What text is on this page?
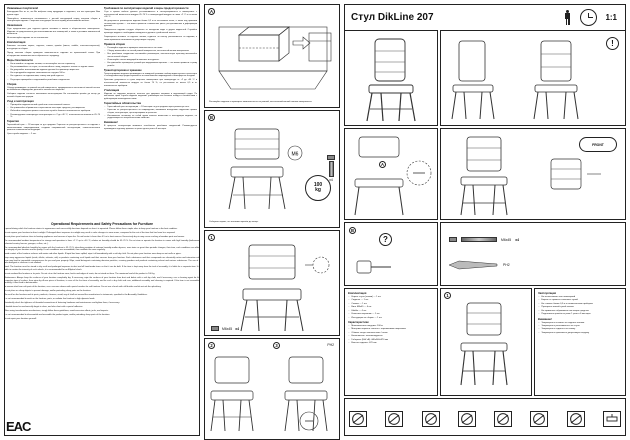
Уважаемые покупатели!

Благодарим Вас за то, что Вы выбрали нашу продукцию и надеемся, что она прослужит Вам долгие годы.

Пожалуйста, внимательно ознакомьтесь с данной инструкцией перед началом сборки и эксплуатации изделия. Сохраните инструкцию на весь период использования мебели.

Назначение

Стул предназначен для сидения одного человека в жилых и общественных помещениях. Изделие не предназначено для использования вне помещений, а также в условиях повышенной влажности.

Не используйте изделие не по назначению.

Комплектация

Комплект поставки: каркас, сиденье, спинка, крепёж (винты, шайбы, ключ-шестигранник), инструкция по сборке.

Перед началом сборки проверьте комплектность изделия по прилагаемой схеме. При обнаружении некомплектности обратитесь к продавцу.

Меры безопасности
– Не вставайте на изделие ногами, не используйте его как стремянку.
– Не раскачивайтесь на стуле, не отклоняйтесь назад, опираясь только на задние ножки.
– Не допускайте использование изделия детьми без присмотра взрослых.
– Не перегружайте изделие: максимальная нагрузка 100 кг.
– Не садитесь на подлокотники, спинку или край сиденья.
– Регулярно проверяйте и подтягивайте резьбовые соединения.
Сборка

Сборку производите на ровной чистой поверхности, предварительно застелив её мягкой тканью во избежание повреждения деталей и напольного покрытия.

Соберите изделие согласно пошаговым иллюстрациям. Не затягивайте крепёж до конца до полной сборки конструкции.

Уход и эксплуатация
– Протирайте изделие мягкой сухой или слегка влажной тканью.
– Не применяйте абразивные и агрессивные чистящие средства, растворители.
– Избегайте попадания прямых солнечных лучей и близости отопительных приборов.
– Рекомендуемая температура эксплуатации от +2 до +40 °C, относительная влажность 45–70 %.
Гарантия

Гарантийный срок — 18 месяцев со дня продажи. Гарантия не распространяется на изделия с механическими повреждениями, следами неправильной эксплуатации, самостоятельного ремонта и изменения конструкции.

Срок службы изделия — 5 лет.

Требования по эксплуатации изделий и меры предосторожности

Стул и прочая мебель должны устанавливаться и эксплуатироваться в помещениях с относительной влажностью воздуха 45–70 % и температурой воздуха не ниже +2 °C и не выше +40 °C.

Не допускается размещение изделия ближе 0,5 м от источников тепла, а также под прямыми солнечными лучами — это может привести к изменению цвета, растрескиванию и деформации деталей.

Поверхности изделия следует оберегать от попадания воды и других жидкостей. Случайно пролитую жидкость необходимо немедленно удалить сухой мягкой тканью.

Запрещается вставать на сиденье ногами, садиться на спинку, раскачиваться на изделии, а также превышать максимально допустимую нагрузку.

Правила сборки
– Распакуйте изделие и проверьте комплектность по схеме.
– Сборку выполняйте на чистой ровной поверхности, застеленной мягким материалом.
– Все резьбовые соединения затягивайте равномерно, окончательную протяжку выполняйте после полной сборки.
– Используйте только входящий в комплект инструмент.
– Не прилагайте чрезмерных усилий при закручивании крепежа — это может привести к срыву резьбы.
Транспортировка и хранение

Транспортировка изделия производится в заводской упаковке любым видом крытого транспорта с соблюдением мер предосторожности от механических повреждений и атмосферных осадков.

Хранение допускается в сухих закрытых помещениях при температуре от +2 до +40 °C и относительной влажности воздуха не более 70 %, на расстоянии не менее 0,5 м от отопительных приборов.

Утилизация

Изделие не содержит веществ, опасных для здоровья человека и окружающей среды. По окончании срока службы изделие подлежит утилизации как бытовые отходы в соответствии с действующим законодательством.

Гарантийные обязательства
– Гарантийный срок эксплуатации — 18 месяцев со дня продажи через розничную сеть.
– Гарантия не распространяется на повреждения, возникшие вследствие нарушения правил сборки, эксплуатации, транспортировки и хранения.
– Изготовитель оставляет за собой право вносить изменения в конструкцию изделия, не ухудшающие его потребительские свойства.
Внимание!

В процессе эксплуатации возможно ослабление резьбовых соединений. Рекомендуется производить подтяжку крепежа не реже одного раза в 6 месяцев.

Operational Requirements and Safety Precautions for Furniture

A period during which the furniture retains its appearance and successfully functions depends on how it is operated. Please follow these simple rules to keep your furniture in the best condition.

Do not expose your furniture to direct sunlight. Prolonged direct exposure to sunlight may result in color changes in some areas, compared to the rest of the item that has been less exposed.

Do not place your furniture close to heating appliances and sources of open fire. Do not locate it closer than 0.5 m to heat sources. Excessively dry air may cause cracking of wooden parts and veneer.

The recommended ambient temperature for storage and operation is from +2 °C up to +40 °C; relative air humidity should be 45–70 %. Do not store or operate the furniture in rooms with high humidity (bathrooms, unheated country houses, garages, cellars, etc.).

The recommended absolute humidity for rooms with the furniture is 45–70 %, describing variation of extreme humidity and/or dryness, even twice as great than periodic changes; their time, such conditions can affect the integrity of your furniture and its quality. If such conditions are unavoidable, then ventilate the room regularly.

Avoid contact of the furniture surfaces with water and other liquids. If liquid has been spilled, wipe it off immediately with a soft dry cloth. Do not place your furniture near damp or wet walls or pipes.

Keep away aggressive liquids (acids, alkalis, solvents, oils) or products containing such liquids and their sources from your furniture. Such substances and their compounds are chemically active and interactive with them may lead to irreparable consequences for you and your property. Wipe, avoid detergents containing abrasive particles, scouring powders and products containing solvent and various substances. The use of a safe detergent or cleanser is not allowed.

Sand: The furniture must be stored in dry sunlit and prolonged exposure to dust and all hand-made items so that it can be built. If the item is kept away from the task of assembly, it is liable for a separate item. It is liable to contain the intensity of such wheels, it is recommended for an Elliptical shock.

Do not overload the furniture or its parts. Do not sit on the furniture arms, backs and edges of seats, do not stand on them. The maximum load of the product is 100 kg.

Maintenance: Always keep the surfaces of your furniture completely dry. If necessary, wipe the surfaces of your furniture from dust and debris with a soft dry cloth, and if necessary, use a cleaning agent for the respective type of surface, then wipe dry. A new piece of furniture, in case of the first time of assembly, and for such a dry cloth and care, additional assembly and cleaning is required. If the item is not assembled carefully, it must lead to deterioration.

To remove dust from soft parts of the furniture, use a vacuum cleaner with special nozzles for soft furniture. Do not use a brush with stiff bristles and do not rub the upholstery.

Do not place on sharp objects to prevent damage, and/or protruding sharp parts on the furniture.

We recall on the furniture and its parts, products, cleaners, avoid; any of shall not exceed the manufacturer's statements, specified in the Assembly Guidelines.

It is not recommended to wash on the furniture, parts, or radiator live furniture to high dynamic loads.

Periodically check the tightness of threaded connections of fastening hardware and maintenance and tighten them, if necessary.

If durable items for mechanically forget to close, and also short with a special adhesive.

When using transformation mechanisms, simply follow these guidelines; avoid excessive efforts, jerks, and impacts.

It is not recommended to disassemble and assemble the product again, and/or protruding sharp parts of the furniture.

Do not repair your furniture yourself.

EAC
A
Распакуйте изделие и проверьте комплектность на ровной, застеленной мягкой тканью поверхности.
B
M6
x4
100
kg
Соберите каркас, не затягивая крепёж до конца.
1
M6x45 x4
2	3	PH2
Стул DikLine 207	1:1
!
A
FRONT
B
?	M6x45 x4
PH2
Комплектация
– Каркас стула (ножки) — 1 шт.
– Сиденье — 1 шт.
– Спинка — 1 шт.
– Винт М6х45 — 4 шт.
– Шайба — 4 шт.
– Ключ-шестигранник — 1 шт.
– Инструкция по сборке — 1 шт.
Характеристики
– Максимальная нагрузка: 100 кг
– Материал каркаса: металл с порошковым покрытием
– Обивка: искусственная кожа / ткань
– Наполнитель: пенополиуретан
– Габариты (ШхГхВ): 440х540х970 мм
– Высота сиденья: 470 мм
1	Эксплуатация
– Не использовать вне помещений
– Беречь от прямых солнечных лучей
– Не ставить ближе 0,5 м к отопительным приборам
– Протирать мягкой сухой тканью
– Не применять абразивные чистящие средства
– Подтягивать крепёж не реже 1 раза в 6 месяцев
Внимание!
– Запрещается вставать на сиденье ногами
– Запрещается раскачиваться на стуле
– Запрещается садиться на спинку
– Запрещается превышать допустимую нагрузку
